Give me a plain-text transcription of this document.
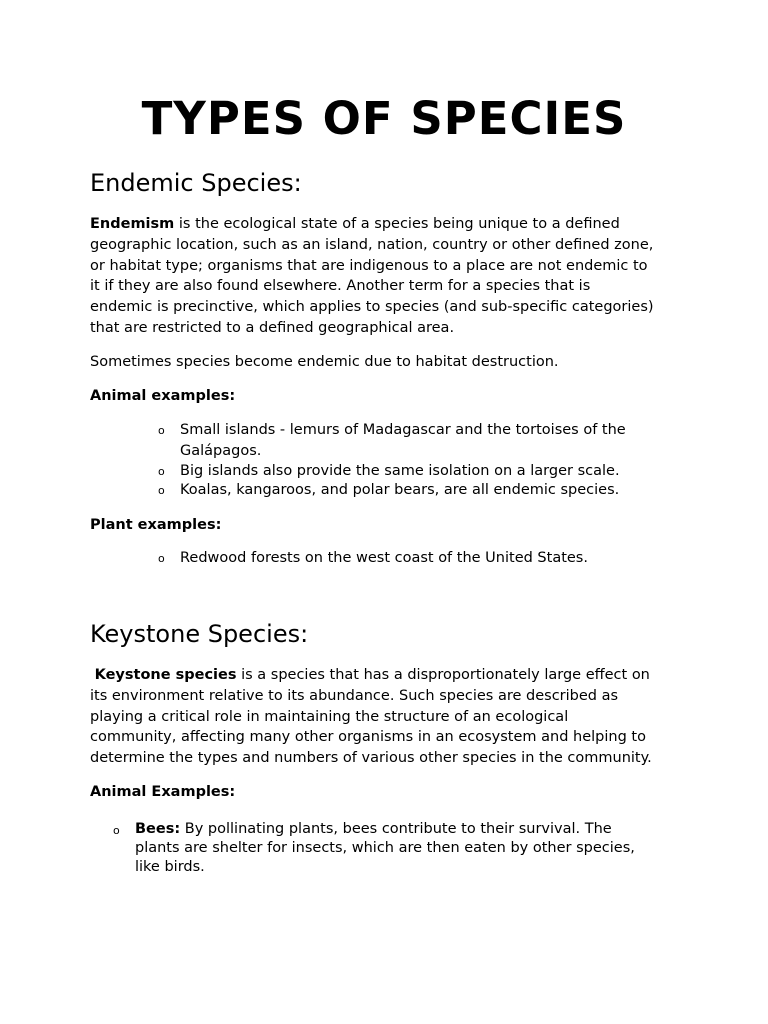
TYPES OF SPECIES
Endemic Species:

Endemism is the ecological state of a species being unique to a defined
geographic location, such as an island, nation, country or other defined zone,
or habitat type; organisms that are indigenous to a place are not endemic to
it if they are also found elsewhere. Another term for a species that is
endemic is precinctive, which applies to species (and sub-specific categories)
that are restricted to a defined geographical area.

Sometimes species become endemic due to habitat destruction.

Animal examples:

o Small islands - lemurs of Madagascar and the tortoises of the
Galápagos.

o Big islands also provide the same isolation on a larger scale.

o Koalas, kangaroos, and polar bears, are all endemic species.

Plant examples:

o Redwood forests on the west coast of the United States.

Keystone Species:

Keystone species is a species that has a disproportionately large effect on
its environment relative to its abundance. Such species are described as
playing a critical role in maintaining the structure of an ecological
community, affecting many other organisms in an ecosystem and helping to
determine the types and numbers of various other species in the community.

Animal Examples:

o Bees: By pollinating plants, bees contribute to their survival. The
plants are shelter for insects, which are then eaten by other species,
like birds.
